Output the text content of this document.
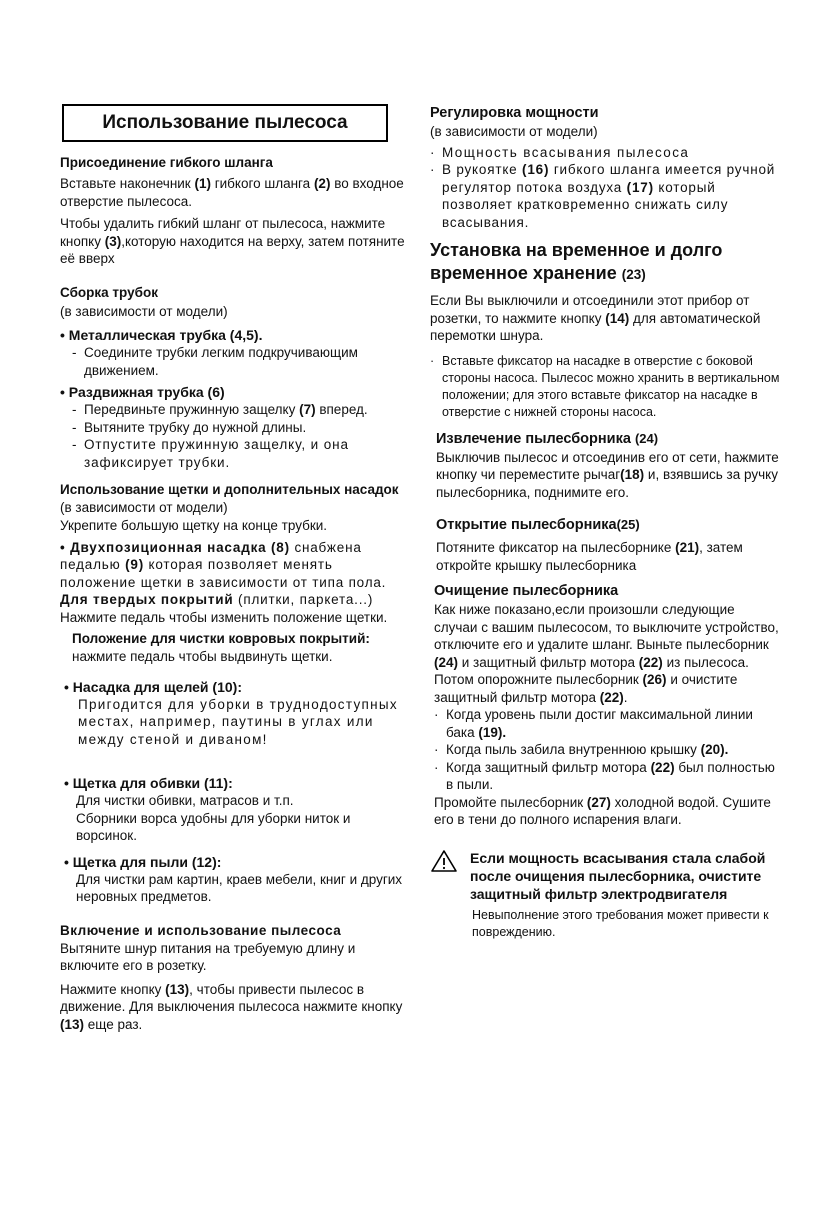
Использование пылесоса

Присоединение гибкого шланга

Вставьте наконечник (1) гибкого шланга (2) во входное отверстие пылесоса.

Чтобы удалить гибкий шланг от пылесоса, нажмите кнопку (3),которую находится на верху, затем потяните её вверх

Сборка трубок

(в зависимости от модели)

• Металлическая трубка (4,5).

- Соедините трубки легким подкручивающим движением.

• Раздвижная трубка (6)

- Передвиньте пружинную защелку (7) вперед.
- Вытяните трубку до нужной длины.
- Отпустите пружинную защелку, и она зафиксирует трубки.

Использование щетки и дополнительных насадок (в зависимости от модели)

Укрепите большую щетку на конце трубки.

• Двухпозиционная насадка (8) снабжена педалью (9) которая позволяет менять положение щетки в зависимости от типа пола. Для твердых покрытий (плитки, паркета...) Нажмите педаль чтобы изменить положение щетки.

Положение для чистки ковровых покрытий:

нажмите педаль чтобы выдвинуть щетки.

• Насадка для щелей (10):

Пригодится для уборки в труднодоступных местах, например, паутины в углах или между стеной и диваном!

• Щетка для обивки (11):

Для чистки обивки, матрасов и т.п.

Сборники ворса удобны для уборки ниток и ворсинок.

• Щетка для пыли (12):

Для чистки рам картин, краев мебели, книг и других неровных предметов.

Включение и использование пылесоса

Вытяните шнур питания на требуемую длину и включите его в розетку.

Нажмите кнопку (13), чтобы привести пылесос в движение. Для выключения пылесоса нажмите кнопку (13) еще раз.

Регулировка мощности

(в зависимости от модели)

· Мощность всасывания пылесоса
· В рукоятке (16) гибкого шланга имеется ручной регулятор потока воздуха (17) который позволяет кратковременно снижать силу всасывания.

Установка на временное и долго временное хранение (23)

Если Вы выключили и отсоединили этот прибор от розетки, то нажмите кнопку (14) для автоматической перемотки шнура.

· Вставьте фиксатор на насадке в отверстие с боковой стороны насоса. Пылесос можно хранить в вертикальном положении; для этого вставьте фиксатор на насадке в отверстие с нижней стороны насоса.

Извлечение пылесборника (24)

Выключив пылесос и отсоединив его от сети, hажмите кнопку чи переместите рычаг(18) и, взявшись за ручку пылесборника, поднимите его.

Открытие пылесборника(25)

Потяните фиксатор на пылесборнике (21), затем откройте крышку пылесборника

Очищение пылесборника

Как ниже показано,если произошли следующие случаи с вашим пылесосом, то выключите устройство, отключите его и удалите шланг. Выньте пылесборник (24) и защитный фильтр мотора (22) из пылесоса. Потом опорожните пылесборник (26) и очистите защитный фильтр мотора (22).

· Когда уровень пыли достиг максимальной линии бака (19).
· Когда пыль забила внутреннюю крышку (20).
· Когда защитный фильтр мотора (22) был полностью в пыли.

Промойте пылесборник (27) холодной водой. Сушите его в тени до полного испарения влаги.

Если мощность всасывания стала слабой после очищения пылесборника, очистите защитный фильтр электродвигателя

Невыполнение этого требования может привести к повреждению.
